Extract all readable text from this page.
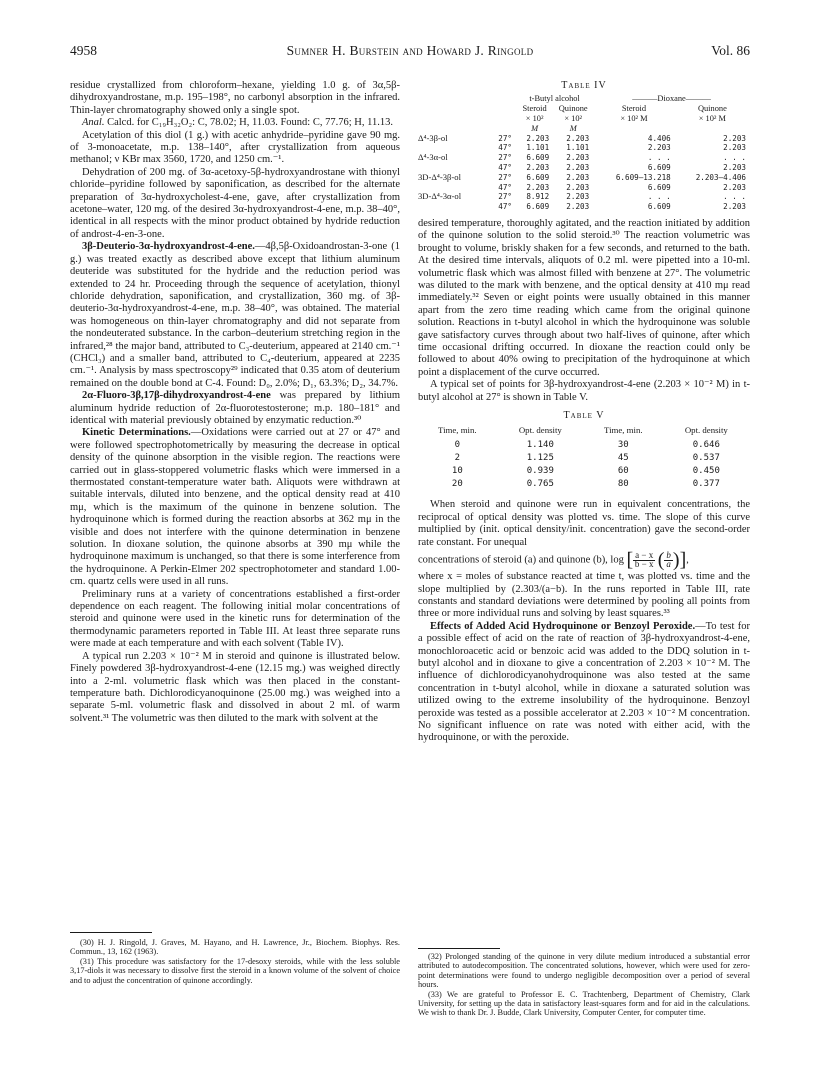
4958	Sumner H. Burstein and Howard J. Ringold	Vol. 86

residue crystallized from chloroform–hexane, yielding 1.0 g. of 3α,5β-dihydroxyandrostane, m.p. 195–198°, no carbonyl absorption in the infrared. Thin-layer chromatography showed only a single spot.

Anal. Calcd. for C₁₉H₃₂O₂: C, 78.02; H, 11.03. Found: C, 77.76; H, 11.13.

Acetylation of this diol (1 g.) with acetic anhydride–pyridine gave 90 mg. of 3-monoacetate, m.p. 138–140°, after crystallization from aqueous methanol; ν KBr max 3560, 1720, and 1250 cm.⁻¹.

Dehydration of 200 mg. of 3α-acetoxy-5β-hydroxyandrostane with thionyl chloride–pyridine followed by saponification, as described for the alternate preparation of 3α-hydroxycholest-4-ene, gave, after crystallization from acetone–water, 120 mg. of the desired 3α-hydroxyandrost-4-ene, m.p. 38–40°, identical in all respects with the minor product obtained by hydride reduction of androst-4-en-3-one.

3β-Deuterio-3α-hydroxyandrost-4-ene.—4β,5β-Oxidoandrostan-3-one (1 g.) was treated exactly as described above except that lithium aluminum deuteride was substituted for the hydride and the reduction period was extended to 24 hr. Proceeding through the sequence of acetylation, thionyl chloride dehydration, saponification, and crystallization, 360 mg. of 3β-deuterio-3α-hydroxyandrost-4-ene, m.p. 38–40°, was obtained. The material was homogeneous on thin-layer chromatography and did not separate from the nondeuterated substance. In the carbon–deuterium stretching region in the infrared,²⁸ the major band, attributed to C₃-deuterium, appeared at 2140 cm.⁻¹ (CHCl₃) and a smaller band, attributed to C₄-deuterium, appeared at 2235 cm.⁻¹. Analysis by mass spectroscopy²⁹ indicated that 0.35 atom of deuterium remained on the double bond at C-4. Found: D₀, 2.0%; D₁, 63.3%; D₂, 34.7%.

2α-Fluoro-3β,17β-dihydroxyandrost-4-ene was prepared by lithium aluminum hydride reduction of 2α-fluorotestosterone; m.p. 180–181° and identical with material previously obtained by enzymatic reduction.³⁰

Kinetic Determinations.—Oxidations were carried out at 27 or 47° and were followed spectrophotometrically by measuring the decrease in optical density of the quinone absorption in the visible region. The reactions were carried out in glass-stoppered volumetric flasks which were immersed in a thermostated constant-temperature water bath. Aliquots were withdrawn at suitable intervals, diluted into benzene, and the optical density read at 410 mμ, which is the maximum of the quinone in benzene solution. The hydroquinone which is formed during the reaction absorbs at 362 mμ in the visible and does not interfere with the quinone determination in benzene solution. In dioxane solution, the quinone absorbs at 390 mμ while the hydroquinone maximum is unchanged, so that there is some interference from the hydroquinone. A Perkin-Elmer 202 spectrophotometer and standard 1.00-cm. quartz cells were used in all runs.

Preliminary runs at a variety of concentrations established a first-order dependence on each reagent. The following initial molar concentrations of steroid and quinone were used in the kinetic runs for determination of the thermodynamic parameters reported in Table III. At least three separate runs were made at each temperature and with each solvent (Table IV).

A typical run 2.203 × 10⁻² M in steroid and quinone is illustrated below. Finely powdered 3β-hydroxyandrost-4-ene (12.15 mg.) was weighed directly into a 2-ml. volumetric flask which was then placed in the constant-temperature bath. Dichlorodicyanoquinone (25.00 mg.) was weighed into a separate 5-ml. volumetric flask and dissolved in about 2 ml. of warm solvent.³¹ The volumetric was then diluted to the mark with solvent at the

(30) H. J. Ringold, J. Graves, M. Hayano, and H. Lawrence, Jr., Biochem. Biophys. Res. Commun., 13, 162 (1963).

(31) This procedure was satisfactory for the 17-desoxy steroids, while with the less soluble 3,17-diols it was necessary to dissolve first the steroid in a known volume of the solvent of choice and to adjust the concentration of quinone accordingly.

Table IV

		t-Butyl alcohol		———Dioxane———	
		Steroid	Quinone	Steroid	Quinone
		× 10²	× 10²	× 10² M	× 10² M
		M	M		
Δ⁴-3β-ol	27°	2.203	2.203	4.406	2.203
	47°	1.101	1.101	2.203	2.203
Δ⁴-3α-ol	27°	6.609	2.203	. . .	. . .
	47°	2.203	2.203	6.609	2.203
3D-Δ⁴-3β-ol	27°	6.609	2.203	6.609–13.218	2.203–4.406
	47°	2.203	2.203	6.609	2.203
3D-Δ⁴-3α-ol	27°	8.912	2.203	. . .	. . .
	47°	6.609	2.203	6.609	2.203

desired temperature, thoroughly agitated, and the reaction initiated by addition of the quinone solution to the solid steroid.³⁰ The reaction volumetric was brought to volume, briskly shaken for a few seconds, and returned to the bath. At the desired time intervals, aliquots of 0.2 ml. were pipetted into a 10-ml. volumetric flask which was almost filled with benzene at 27°. The volumetric was diluted to the mark with benzene, and the optical density at 410 mμ read immediately.³² Seven or eight points were usually obtained in this manner apart from the zero time reading which came from the original quinone solution. Reactions in t-butyl alcohol in which the hydroquinone was soluble gave satisfactory curves through about two half-lives of quinone, after which time occasional drifting occurred. In dioxane the reaction could only be followed to about 40% owing to precipitation of the hydroquinone at which point a displacement of the curve occurred.

A typical set of points for 3β-hydroxyandrost-4-ene (2.203 × 10⁻² M) in t-butyl alcohol at 27° is shown in Table V.

Table V

Time, min.	Opt. density	Time, min.	Opt. density
0	1.140	30	0.646
2	1.125	45	0.537
10	0.939	60	0.450
20	0.765	80	0.377

When steroid and quinone were run in equivalent concentrations, the reciprocal of optical density was plotted vs. time. The slope of this curve multiplied by (init. optical density/init. concentration) gave the second-order rate constant. For unequal

concentrations of steroid (a) and quinone (b), $\log [\frac{a - x}{b - x} (\frac{b}{a})]$,

where x = moles of substance reacted at time t, was plotted vs. time and the slope multiplied by (2.303/(a−b). In the runs reported in Table III, rate constants and standard deviations were determined by pooling all points from three or more individual runs and solving by least squares.³³

Effects of Added Acid Hydroquinone or Benzoyl Peroxide.—To test for a possible effect of acid on the rate of reaction of 3β-hydroxyandrost-4-ene, monochloroacetic acid or benzoic acid was added to the DDQ solution in t-butyl alcohol and in dioxane to give a concentration of 2.203 × 10⁻² M. The influence of dichlorodicyanohydroquinone was also tested at the same concentration in t-butyl alcohol, while in dioxane a saturated solution was utilized owing to the extreme insolubility of the hydroquinone. Benzoyl peroxide was tested as a possible accelerator at 2.203 × 10⁻² M concentration. No significant influence on rate was noted with either acid, with the hydroquinone, or with the peroxide.

(32) Prolonged standing of the quinone in very dilute medium introduced a substantial error attributed to autodecomposition. The concentrated solutions, however, which were used for zero-point determinations were found to undergo negligible decomposition over a period of several hours.

(33) We are grateful to Professor E. C. Trachtenberg, Department of Chemistry, Clark University, for setting up the data in satisfactory least-squares form and for aid in the calculations. We wish to thank Dr. J. Budde, Clark University, Computer Center, for computer time.
